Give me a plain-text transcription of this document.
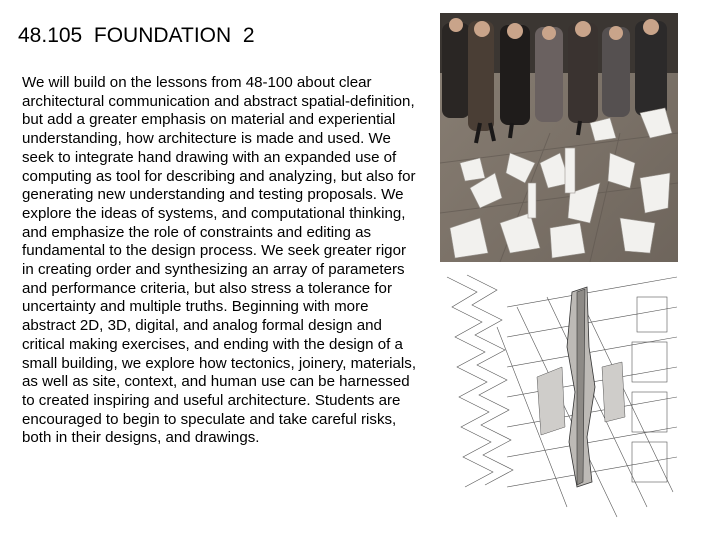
48.105  FOUNDATION  2
We will build on the lessons from 48-100 about clear architectural communication and abstract spatial-definition, but add a greater emphasis on material and experiential understanding, how architecture is made and used. We seek to integrate hand drawing with an expanded use of computing as tool for describing and analyzing, but also for generating new understanding and testing proposals. We explore the ideas of systems, and computational thinking, and emphasize the role of constraints and editing as fundamental to the design process. We seek greater rigor in creating order and synthesizing an array of parameters and performance criteria, but also stress a tolerance for uncertainty and multiple truths. Beginning with more abstract 2D, 3D, digital, and analog formal design and critical making exercises, and ending with the design of a small building, we explore how tectonics, joinery, materials, as well as site, context, and human use can be harnessed to created inspiring and useful architecture. Students are encouraged to begin to speculate and take careful risks, both in their designs, and drawings.
